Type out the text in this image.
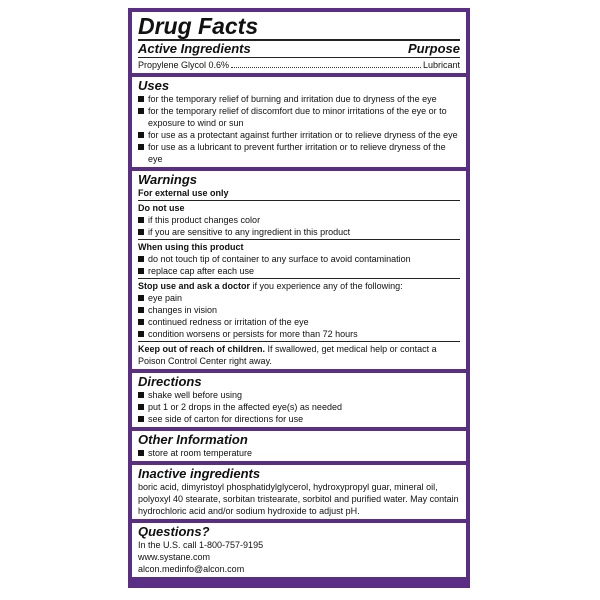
Drug Facts
Active Ingredients	Purpose
Propylene Glycol 0.6%	Lubricant
Uses
for the temporary relief of burning and irritation due to dryness of the eye
for the temporary relief of discomfort due to minor irritations of the eye or to exposure to wind or sun
for use as a protectant against further irritation or to relieve dryness of the eye
for use as a lubricant to prevent further irritation or to relieve dryness of the eye
Warnings
For external use only
Do not use
if this product changes color
if you are sensitive to any ingredient in this product
When using this product
do not touch tip of container to any surface to avoid contamination
replace cap after each use
Stop use and ask a doctor if you experience any of the following:
eye pain
changes in vision
continued redness or irritation of the eye
condition worsens or persists for more than 72 hours
Keep out of reach of children. If swallowed, get medical help or contact a Poison Control Center right away.
Directions
shake well before using
put 1 or 2 drops in the affected eye(s) as needed
see side of carton for directions for use
Other Information
store at room temperature
Inactive ingredients
boric acid, dimyristoyl phosphatidylglycerol, hydroxypropyl guar, mineral oil, polyoxyl 40 stearate, sorbitan tristearate, sorbitol and purified water. May contain hydrochloric acid and/or sodium hydroxide to adjust pH.
Questions?
In the U.S. call 1-800-757-9195
www.systane.com
alcon.medinfo@alcon.com
